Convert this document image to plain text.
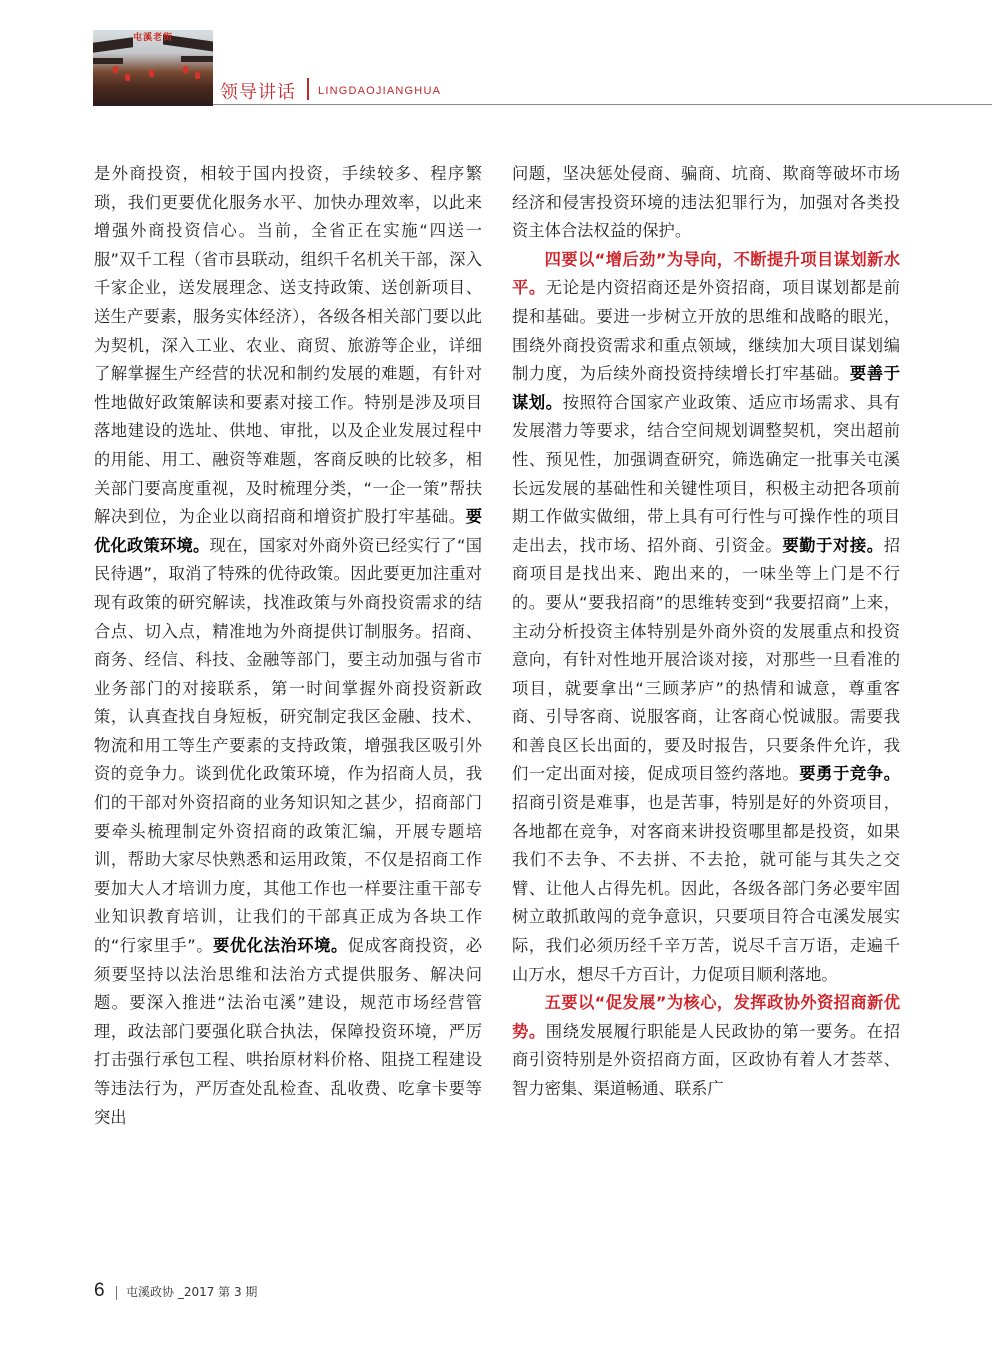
屯 溪 老 街
领导讲话 LINGDAOJIANGHUA

是外商投资，相较于国内投资，手续较多、程序繁琐，我们更要优化服务水平、加快办理效率，以此来增强外商投资信心。当前，全省正在实施“四送一服”双千工程（省市县联动，组织千名机关干部，深入千家企业，送发展理念、送支持政策、送创新项目、送生产要素，服务实体经济），各级各相关部门要以此为契机，深入工业、农业、商贸、旅游等企业，详细了解掌握生产经营的状况和制约发展的难题，有针对性地做好政策解读和要素对接工作。特别是涉及项目落地建设的选址、供地、审批，以及企业发展过程中的用能、用工、融资等难题，客商反映的比较多，相关部门要高度重视，及时梳理分类，“一企一策”帮扶解决到位，为企业以商招商和增资扩股打牢基础。要优化政策环境。现在，国家对外商外资已经实行了“国民待遇”，取消了特殊的优待政策。因此要更加注重对现有政策的研究解读，找准政策与外商投资需求的结合点、切入点，精准地为外商提供订制服务。招商、商务、经信、科技、金融等部门，要主动加强与省市业务部门的对接联系，第一时间掌握外商投资新政策，认真查找自身短板，研究制定我区金融、技术、物流和用工等生产要素的支持政策，增强我区吸引外资的竞争力。谈到优化政策环境，作为招商人员，我们的干部对外资招商的业务知识知之甚少，招商部门要牵头梳理制定外资招商的政策汇编，开展专题培训，帮助大家尽快熟悉和运用政策，不仅是招商工作要加大人才培训力度，其他工作也一样要注重干部专业知识教育培训，让我们的干部真正成为各块工作的“行家里手”。要优化法治环境。促成客商投资，必须要坚持以法治思维和法治方式提供服务、解决问题。要深入推进“法治屯溪”建设，规范市场经营管理，政法部门要强化联合执法，保障投资环境，严厉打击强行承包工程、哄抬原材料价格、阻挠工程建设等违法行为，严厉查处乱检查、乱收费、吃拿卡要等突出

问题，坚决惩处侵商、骗商、坑商、欺商等破坏市场经济和侵害投资环境的违法犯罪行为，加强对各类投资主体合法权益的保护。

四要以“增后劲”为导向，不断提升项目谋划新水平。无论是内资招商还是外资招商，项目谋划都是前提和基础。要进一步树立开放的思维和战略的眼光，围绕外商投资需求和重点领域，继续加大项目谋划编制力度，为后续外商投资持续增长打牢基础。要善于谋划。按照符合国家产业政策、适应市场需求、具有发展潜力等要求，结合空间规划调整契机，突出超前性、预见性，加强调查研究，筛选确定一批事关屯溪长远发展的基础性和关键性项目，积极主动把各项前期工作做实做细，带上具有可行性与可操作性的项目走出去，找市场、招外商、引资金。要勤于对接。招商项目是找出来、跑出来的，一味坐等上门是不行的。要从“要我招商”的思维转变到“我要招商”上来，主动分析投资主体特别是外商外资的发展重点和投资意向，有针对性地开展洽谈对接，对那些一旦看准的项目，就要拿出“三顾茅庐”的热情和诚意，尊重客商、引导客商、说服客商，让客商心悦诚服。需要我和善良区长出面的，要及时报告，只要条件允许，我们一定出面对接，促成项目签约落地。要勇于竞争。招商引资是难事，也是苦事，特别是好的外资项目，各地都在竞争，对客商来讲投资哪里都是投资，如果我们不去争、不去拼、不去抢，就可能与其失之交臂、让他人占得先机。因此，各级各部门务必要牢固树立敢抓敢闯的竞争意识，只要项目符合屯溪发展实际，我们必须历经千辛万苦，说尽千言万语，走遍千山万水，想尽千方百计，力促项目顺利落地。

五要以“促发展”为核心，发挥政协外资招商新优势。围绕发展履行职能是人民政协的第一要务。在招商引资特别是外资招商方面，区政协有着人才荟萃、智力密集、渠道畅通、联系广

6 屯溪政协 _2017 第 3 期
